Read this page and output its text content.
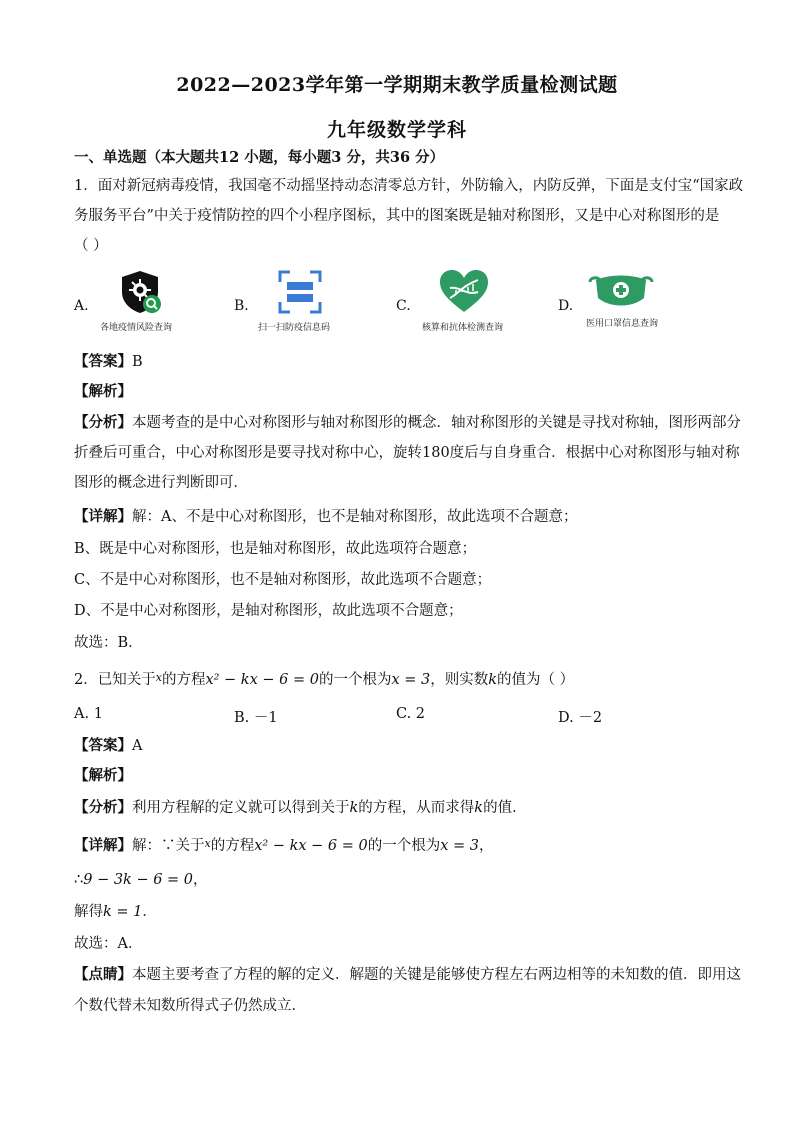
2022—2023学年第一学期期末教学质量检测试题
九年级数学学科
一、单选题（本大题共12 小题，每小题3 分，共36 分）
1．面对新冠病毒疫情，我国毫不动摇坚持动态清零总方针，外防输入，内防反弹，下面是支付宝“国家政
务服务平台”中关于疫情防控的四个小程序图标，其中的图案既是轴对称图形，又是中心对称图形的是
（ ）
A.
各地疫情风险查询
B.
扫一扫防疫信息码
C.
核算和抗体检测查询
D.
医用口罩信息查询
【答案】B
【解析】
【分析】本题考查的是中心对称图形与轴对称图形的概念．轴对称图形的关键是寻找对称轴，图形两部分
折叠后可重合，中心对称图形是要寻找对称中心，旋转180度后与自身重合．根据中心对称图形与轴对称
图形的概念进行判断即可．
【详解】解：A、不是中心对称图形，也不是轴对称图形，故此选项不合题意；
B、既是中心对称图形，也是轴对称图形，故此选项符合题意；
C、不是中心对称图形，也不是轴对称图形，故此选项不合题意；
D、不是中心对称图形，是轴对称图形，故此选项不合题意；
故选：B．
2．已知关于$^x$的方程x² − kx − 6 = 0的一个根为x = 3，则实数k的值为（ ）
A. 1	B. －1	C. 2	D. －2
【答案】A
【解析】
【分析】利用方程解的定义就可以得到关于k的方程，从而求得k的值．
【详解】解：∵关于$^x$的方程x² − kx − 6 = 0的一个根为x = 3，
∴9 − 3k − 6 = 0，
解得k = 1．
故选：A．
【点睛】本题主要考查了方程的解的定义．解题的关键是能够使方程左右两边相等的未知数的值．即用这
个数代替未知数所得式子仍然成立．
